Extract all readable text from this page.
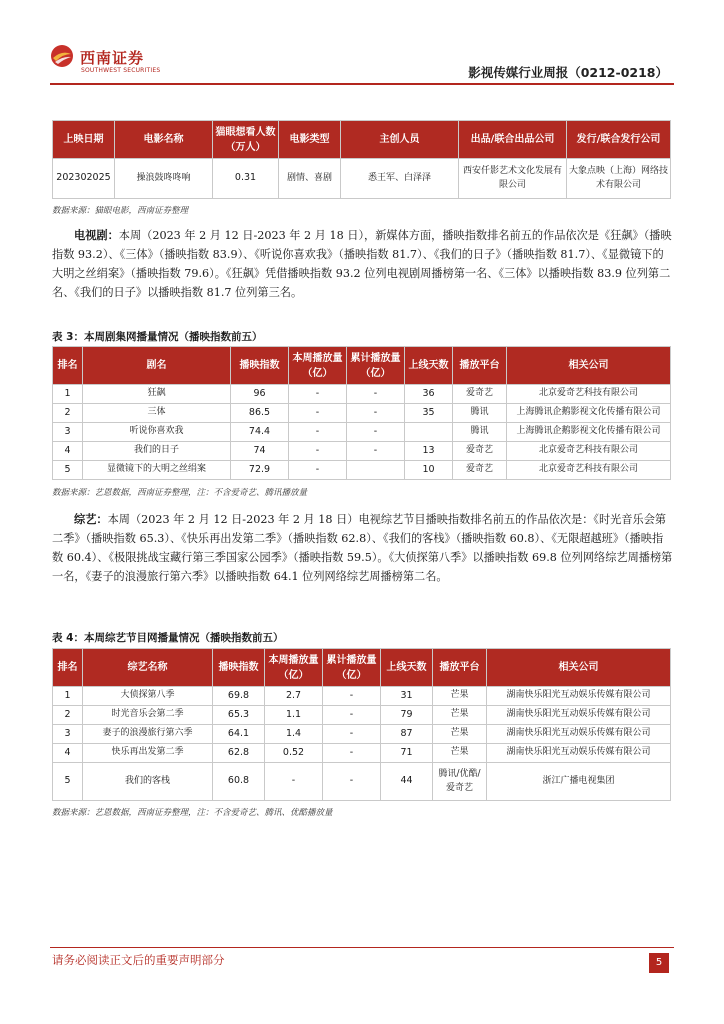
西南证券
SOUTHWEST SECURITIES	影视传媒行业周报（0212-0218）
上映日期	电影名称	猫眼想看人数（万人）	电影类型	主创人员	出品/联合出品公司	发行/联合发行公司
202302025	操浪鼓咚咚响	0.31	剧情、喜剧	悉王军、白泽泽	西安仟影艺术文化发展有限公司	大象点映（上海）网络技术有限公司
数据来源：猫眼电影，西南证券整理

电视剧：本周（2023 年 2 月 12 日-2023 年 2 月 18 日），新媒体方面，播映指数排名前五的作品依次是《狂飙》（播映指数 93.2）、《三体》（播映指数 83.9）、《听说你喜欢我》（播映指数 81.7）、《我们的日子》（播映指数 81.7）、《显微镜下的大明之丝绢案》（播映指数 79.6）。《狂飙》凭借播映指数 93.2 位列电视剧周播榜第一名、《三体》以播映指数 83.9 位列第二名、《我们的日子》以播映指数 81.7 位列第三名。

表 3：本周剧集网播量情况（播映指数前五）
排名	剧名	播映指数	本周播放量（亿）	累计播放量（亿）	上线天数	播放平台	相关公司
1	狂飙	96	-	-	36	爱奇艺	北京爱奇艺科技有限公司
2	三体	86.5	-	-	35	腾讯	上海腾讯企鹅影视文化传播有限公司
3	听说你喜欢我	74.4	-	-		腾讯	上海腾讯企鹅影视文化传播有限公司
4	我们的日子	74	-	-	13	爱奇艺	北京爱奇艺科技有限公司
5	显微镜下的大明之丝绢案	72.9	-		10	爱奇艺	北京爱奇艺科技有限公司
数据来源：艺恩数据，西南证券整理，注：不含爱奇艺、腾讯播放量

综艺：本周（2023 年 2 月 12 日-2023 年 2 月 18 日）电视综艺节目播映指数排名前五的作品依次是：《时光音乐会第二季》（播映指数 65.3）、《快乐再出发第二季》（播映指数 62.8）、《我们的客栈》（播映指数 60.8）、《无限超越班》（播映指数 60.4）、《极限挑战宝藏行第三季国家公园季》（播映指数 59.5）。《大侦探第八季》以播映指数 69.8 位列网络综艺周播榜第一名，《妻子的浪漫旅行第六季》以播映指数 64.1 位列网络综艺周播榜第二名。

表 4：本周综艺节目网播量情况（播映指数前五）
排名	综艺名称	播映指数	本周播放量（亿）	累计播放量（亿）	上线天数	播放平台	相关公司
1	大侦探第八季	69.8	2.7	-	31	芒果	湖南快乐阳光互动娱乐传媒有限公司
2	时光音乐会第二季	65.3	1.1	-	79	芒果	湖南快乐阳光互动娱乐传媒有限公司
3	妻子的浪漫旅行第六季	64.1	1.4	-	87	芒果	湖南快乐阳光互动娱乐传媒有限公司
4	快乐再出发第二季	62.8	0.52	-	71	芒果	湖南快乐阳光互动娱乐传媒有限公司
5	我们的客栈	60.8	-	-	44	腾讯/优酷/爱奇艺	浙江广播电视集团
数据来源：艺恩数据，西南证券整理，注：不含爱奇艺、腾讯、优酷播放量
请务必阅读正文后的重要声明部分	5
